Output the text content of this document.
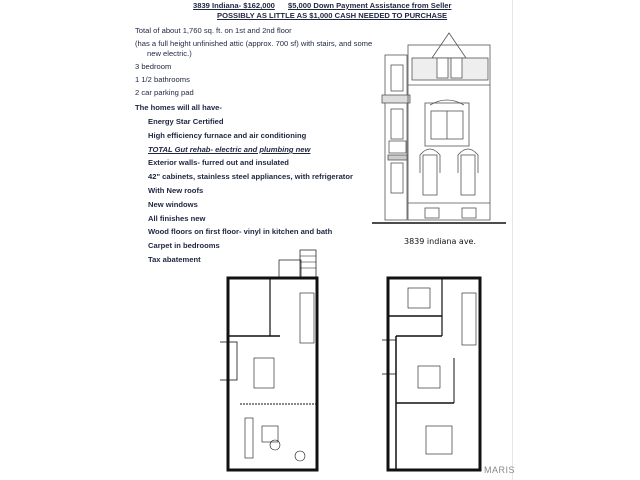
3839 Indiana- $162,000 $5,000 Down Payment Assistance from Seller
POSSIBLY AS LITTLE AS $1,000 CASH NEEDED TO PURCHASE
Total of about 1,760 sq. ft. on 1st and 2nd floor
(has a full height unfinished attic (approx. 700 sf) with stairs, and some
new electric.)
3 bedroom
1 1/2 bathrooms
2 car parking pad
The homes will all have-
Energy Star Certified
High efficiency furnace and air conditioning
TOTAL Gut rehab- electric and plumbing new
Exterior walls- furred out and insulated
42" cabinets, stainless steel appliances, with refrigerator
With New roofs
New windows
All finishes new
Wood floors on first floor- vinyl in kitchen and bath
Carpet in bedrooms
Tax abatement
3839 indiana ave.
MARIS
